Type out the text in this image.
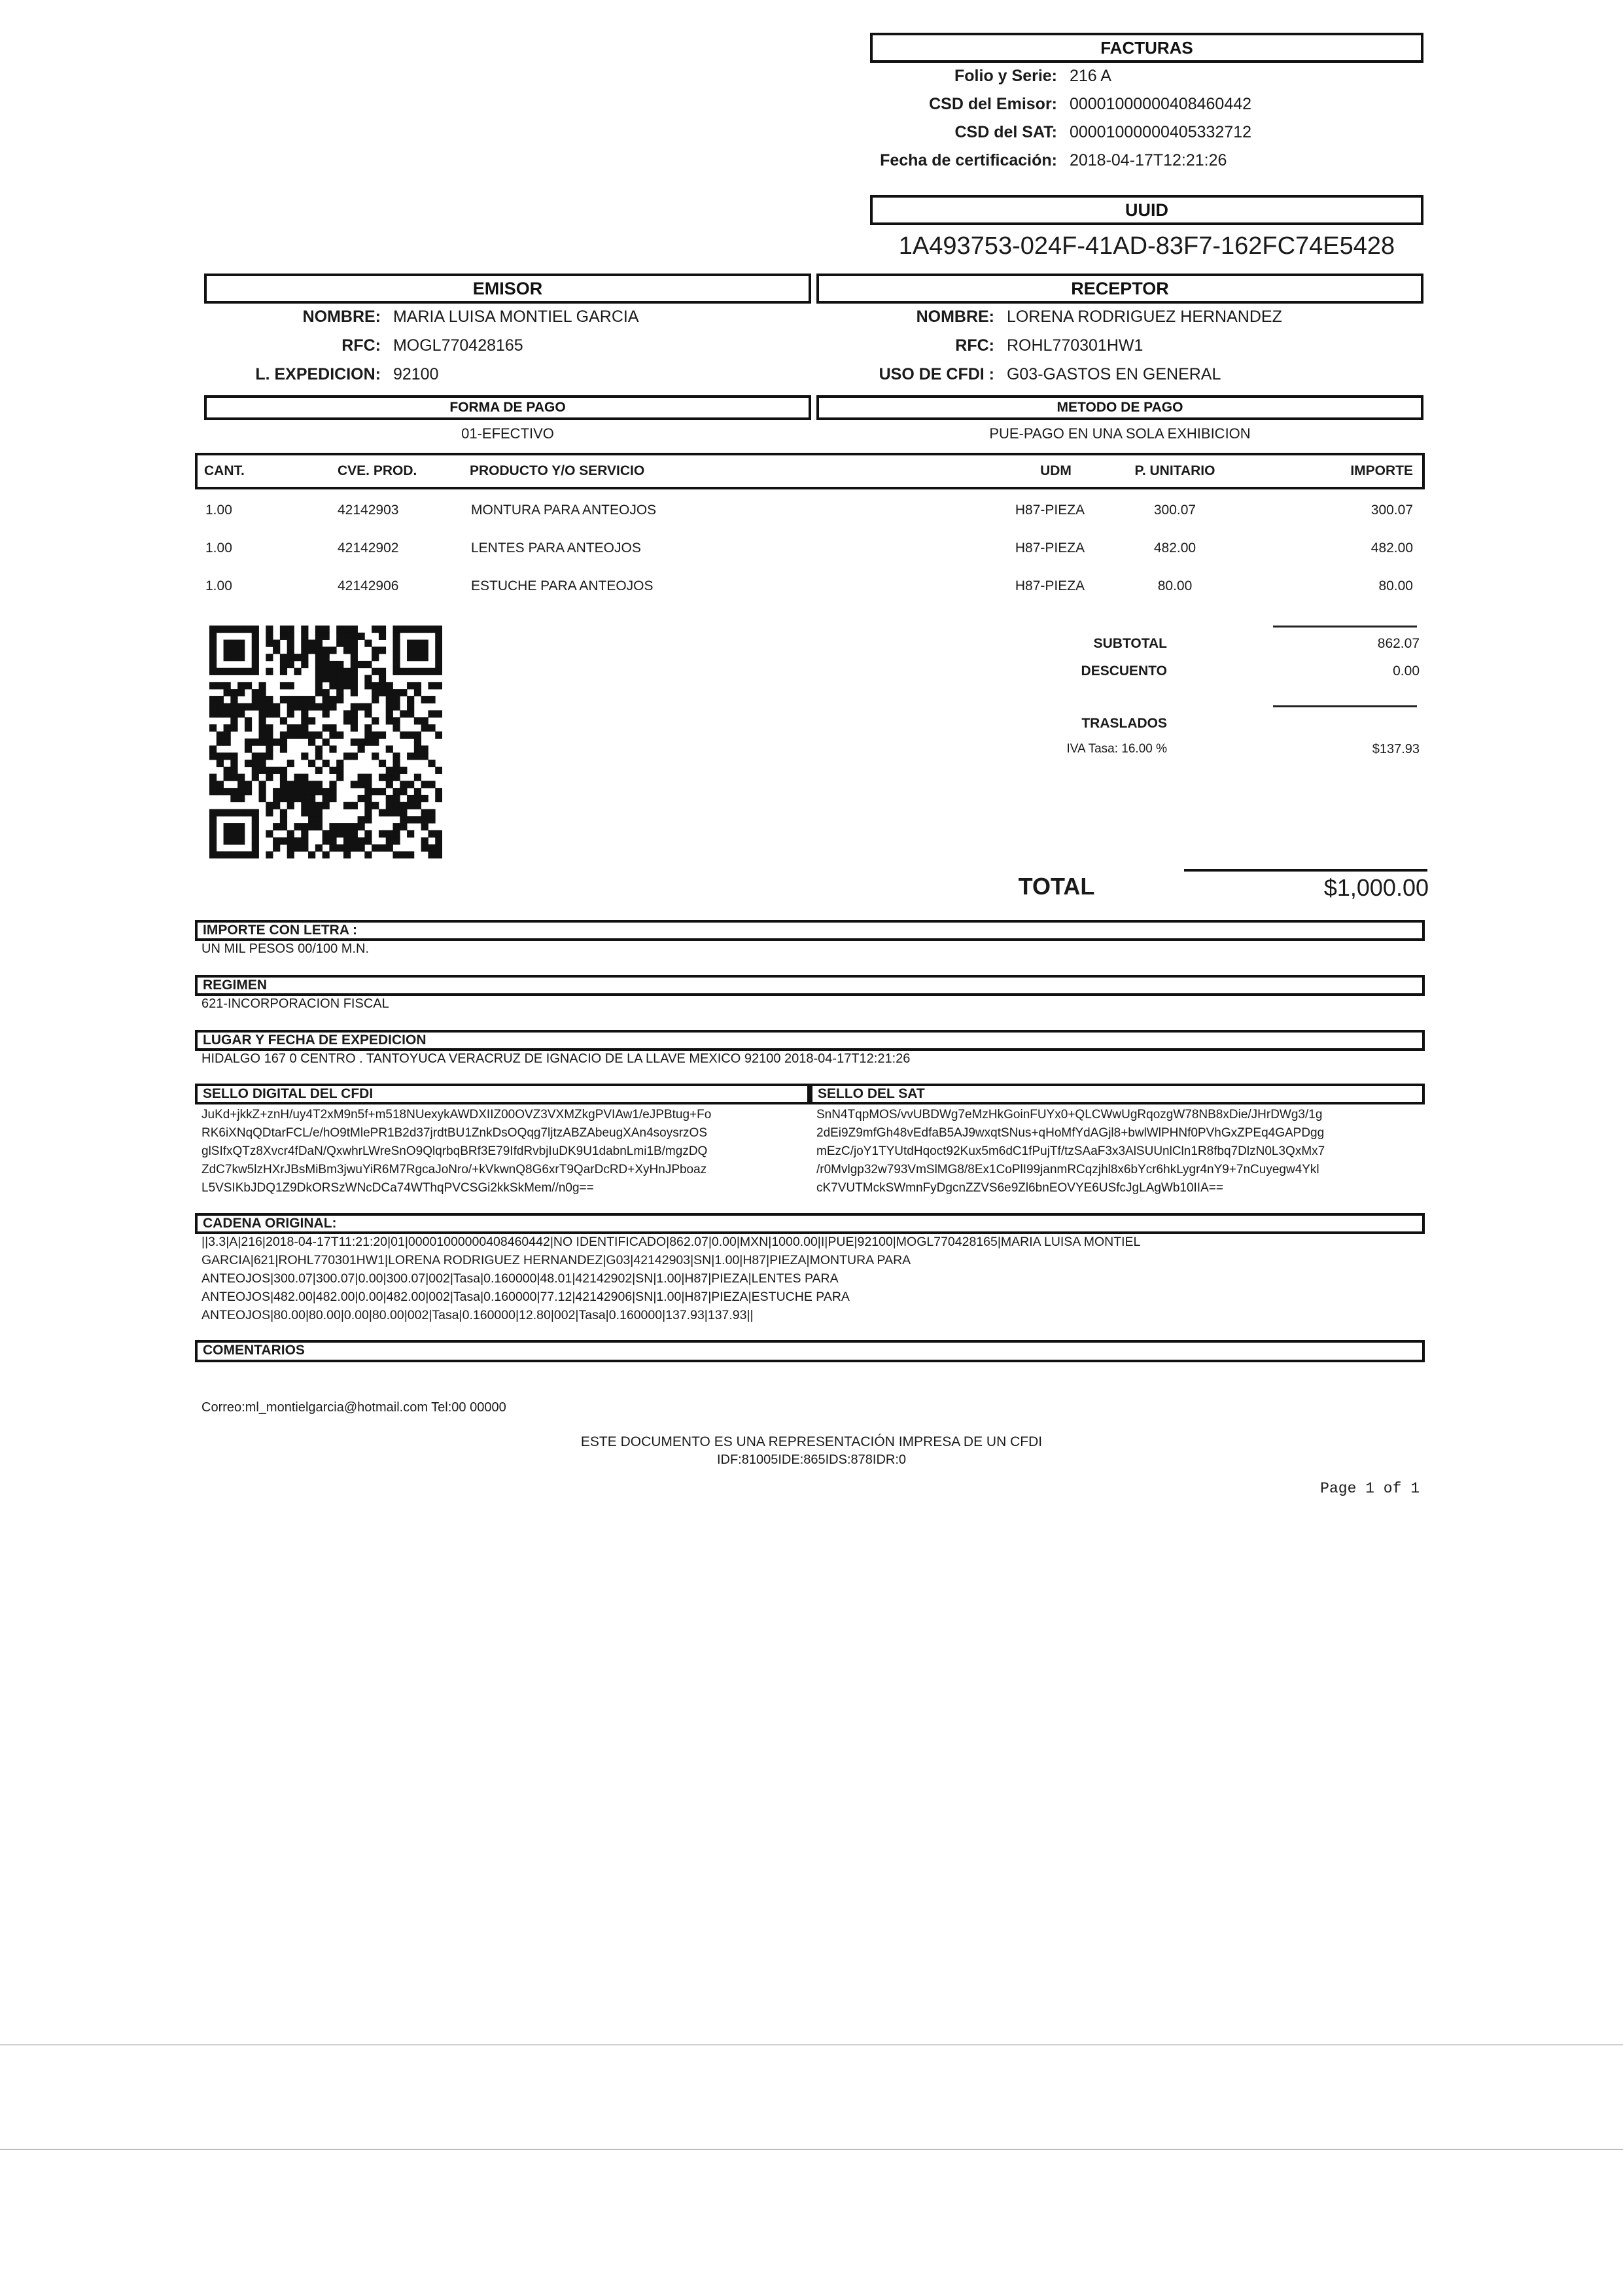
FACTURAS
Folio y Serie: 216 A
CSD del Emisor: 00001000000408460442
CSD del SAT: 00001000000405332712
Fecha de certificación: 2018-04-17T12:21:26
UUID
1A493753-024F-41AD-83F7-162FC74E5428
EMISOR	RECEPTOR
NOMBRE: MARIA LUISA MONTIEL GARCIA
RFC: MOGL770428165
L. EXPEDICION: 92100
NOMBRE: LORENA RODRIGUEZ HERNANDEZ
RFC: ROHL770301HW1
USO DE CFDI : G03-GASTOS EN GENERAL
FORMA DE PAGO	METODO DE PAGO
01-EFECTIVO	PUE-PAGO EN UNA SOLA EXHIBICION
CANT.	CVE. PROD.	PRODUCTO Y/O SERVICIO	UDM	P. UNITARIO	IMPORTE
1.00	42142903	MONTURA PARA ANTEOJOS	H87-PIEZA	300.07	300.07
1.00	42142902	LENTES PARA ANTEOJOS	H87-PIEZA	482.00	482.00
1.00	42142906	ESTUCHE PARA ANTEOJOS	H87-PIEZA	80.00	80.00
SUBTOTAL	862.07
DESCUENTO	0.00
TRASLADOS
IVA Tasa: 16.00 %	$137.93
TOTAL	$1,000.00
IMPORTE CON LETRA :
UN MIL PESOS 00/100 M.N.
REGIMEN
621-INCORPORACION FISCAL
LUGAR Y FECHA DE EXPEDICION
HIDALGO 167 0 CENTRO . TANTOYUCA VERACRUZ DE IGNACIO DE LA LLAVE MEXICO 92100 2018-04-17T12:21:26
SELLO DIGITAL DEL CFDI	SELLO DEL SAT
JuKd+jkkZ+znH/uy4T2xM9n5f+m518NUexykAWDXIIZ00OVZ3VXMZkgPVIAw1/eJPBtug+Fo
RK6iXNqQDtarFCL/e/hO9tMlePR1B2d37jrdtBU1ZnkDsOQqg7ljtzABZAbeugXAn4soysrzOS
glSIfxQTz8Xvcr4fDaN/QxwhrLWreSnO9QlqrbqBRf3E79IfdRvbjIuDK9U1dabnLmi1B/mgzDQ
ZdC7kw5lzHXrJBsMiBm3jwuYiR6M7RgcaJoNro/+kVkwnQ8G6xrT9QarDcRD+XyHnJPboaz
L5VSIKbJDQ1Z9DkORSzWNcDCa74WThqPVCSGi2kkSkMem//n0g==
SnN4TqpMOS/vvUBDWg7eMzHkGoinFUYx0+QLCWwUgRqozgW78NB8xDie/JHrDWg3/1g
2dEi9Z9mfGh48vEdfaB5AJ9wxqtSNus+qHoMfYdAGjl8+bwlWlPHNf0PVhGxZPEq4GAPDgg
mEzC/joY1TYUtdHqoct92Kux5m6dC1fPujTf/tzSAaF3x3AlSUUnlCln1R8fbq7DlzN0L3QxMx7
/r0Mvlgp32w793VmSlMG8/8Ex1CoPlI99janmRCqzjhl8x6bYcr6hkLygr4nY9+7nCuyegw4Ykl
cK7VUTMckSWmnFyDgcnZZVS6e9Zl6bnEOVYE6USfcJgLAgWb10IIA==
CADENA ORIGINAL:
||3.3|A|216|2018-04-17T11:21:20|01|00001000000408460442|NO IDENTIFICADO|862.07|0.00|MXN|1000.00|I|PUE|92100|MOGL770428165|MARIA LUISA MONTIEL
GARCIA|621|ROHL770301HW1|LORENA RODRIGUEZ HERNANDEZ|G03|42142903|SN|1.00|H87|PIEZA|MONTURA PARA
ANTEOJOS|300.07|300.07|0.00|300.07|002|Tasa|0.160000|48.01|42142902|SN|1.00|H87|PIEZA|LENTES PARA
ANTEOJOS|482.00|482.00|0.00|482.00|002|Tasa|0.160000|77.12|42142906|SN|1.00|H87|PIEZA|ESTUCHE PARA
ANTEOJOS|80.00|80.00|0.00|80.00|002|Tasa|0.160000|12.80|002|Tasa|0.160000|137.93|137.93||
COMENTARIOS
Correo:ml_montielgarcia@hotmail.com Tel:00 00000
ESTE DOCUMENTO ES UNA REPRESENTACIÓN IMPRESA DE UN CFDI
IDF:81005IDE:865IDS:878IDR:0
Page 1 of 1
